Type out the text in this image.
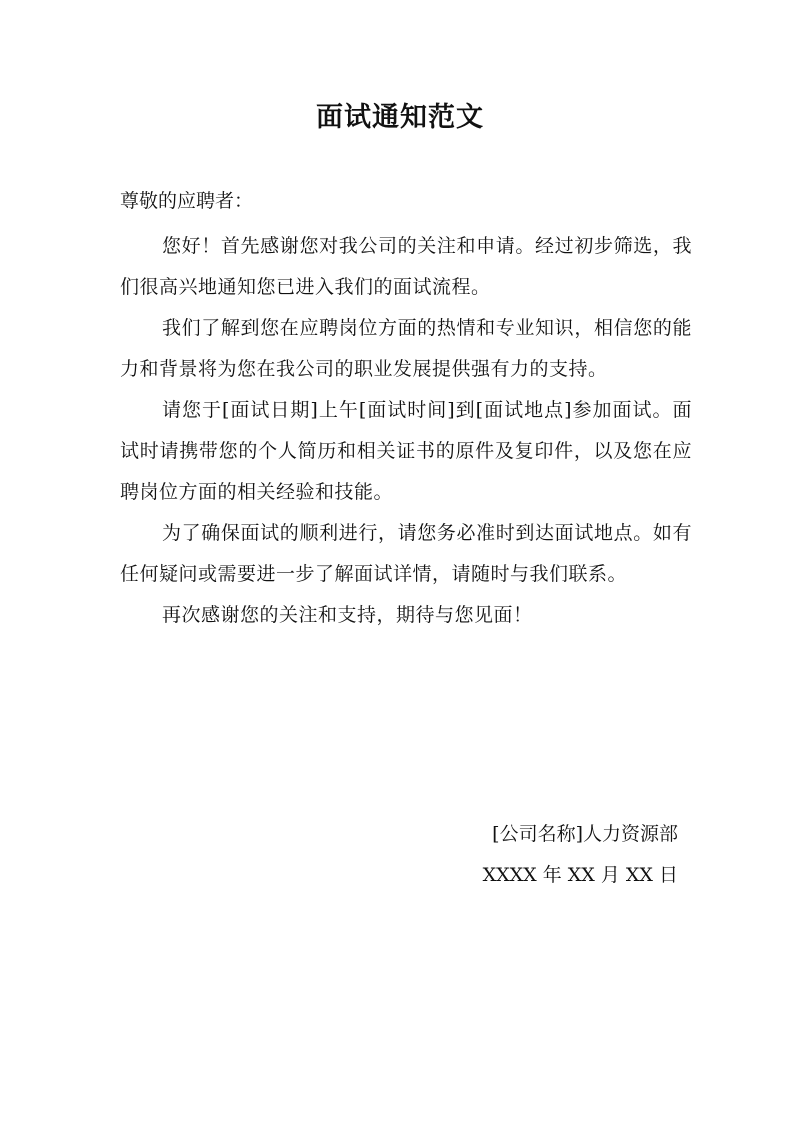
面试通知范文
尊敬的应聘者：

您好！首先感谢您对我公司的关注和申请。经过初步筛选，我们很高兴地通知您已进入我们的面试流程。

我们了解到您在应聘岗位方面的热情和专业知识，相信您的能力和背景将为您在我公司的职业发展提供强有力的支持。

请您于[面试日期]上午[面试时间]到[面试地点]参加面试。面试时请携带您的个人简历和相关证书的原件及复印件，以及您在应聘岗位方面的相关经验和技能。

为了确保面试的顺利进行，请您务必准时到达面试地点。如有任何疑问或需要进一步了解面试详情，请随时与我们联系。

再次感谢您的关注和支持，期待与您见面！

[公司名称]人力资源部
XXXX 年 XX 月 XX 日
